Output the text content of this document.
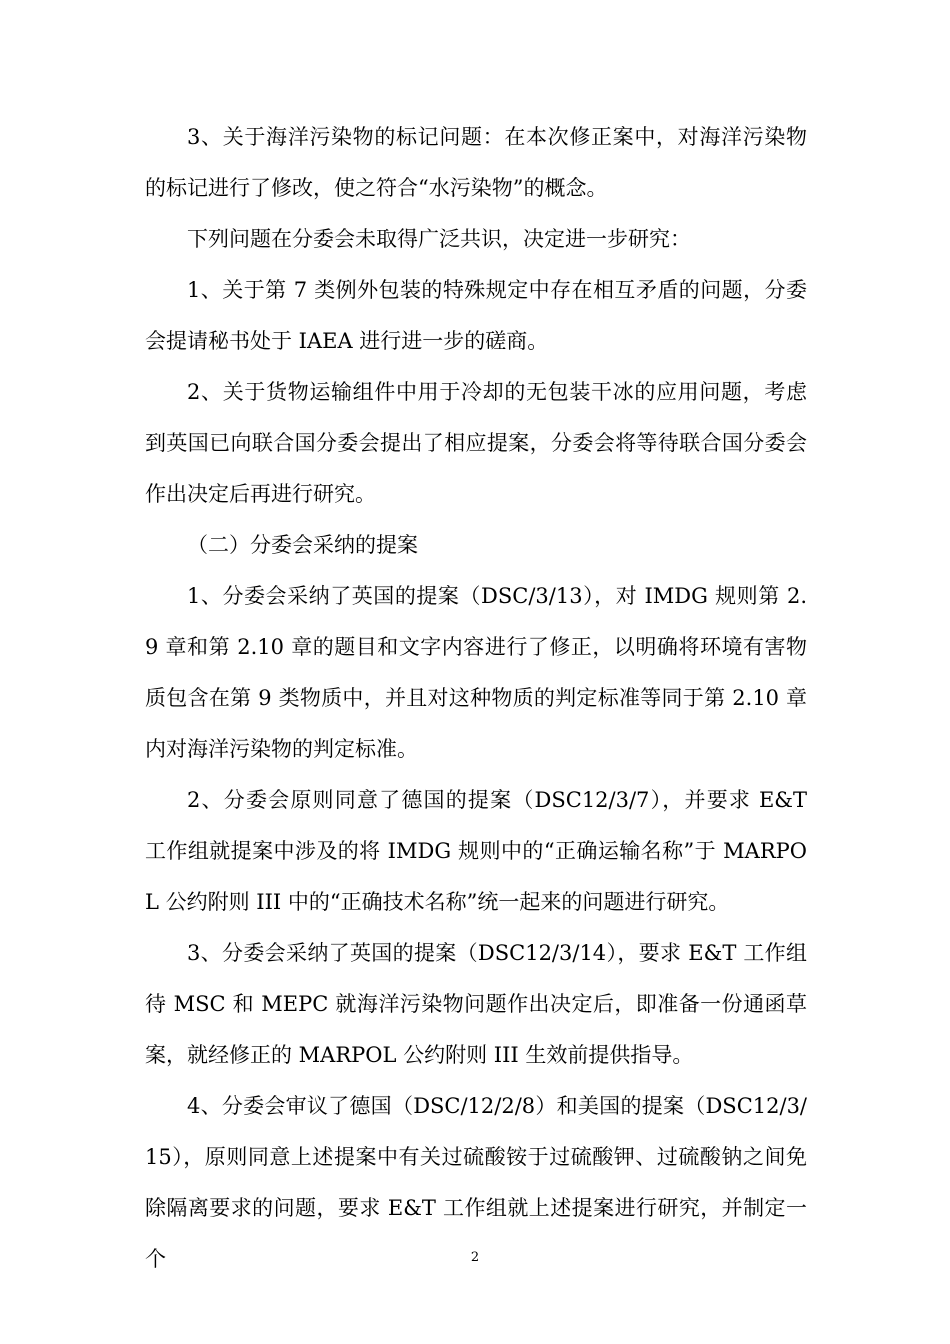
3、关于海洋污染物的标记问题：在本次修正案中，对海洋污染物的标记进行了修改，使之符合“水污染物”的概念。

下列问题在分委会未取得广泛共识，决定进一步研究：

1、关于第 7 类例外包装的特殊规定中存在相互矛盾的问题，分委会提请秘书处于 IAEA 进行进一步的磋商。

2、关于货物运输组件中用于冷却的无包装干冰的应用问题，考虑到英国已向联合国分委会提出了相应提案，分委会将等待联合国分委会作出决定后再进行研究。

（二）分委会采纳的提案

1、分委会采纳了英国的提案（DSC/3/13），对 IMDG 规则第 2.9 章和第 2.10 章的题目和文字内容进行了修正，以明确将环境有害物质包含在第 9 类物质中，并且对这种物质的判定标准等同于第 2.10 章内对海洋污染物的判定标准。

2、分委会原则同意了德国的提案（DSC12/3/7），并要求 E&T 工作组就提案中涉及的将 IMDG 规则中的“正确运输名称”于 MARPOL 公约附则 III 中的“正确技术名称”统一起来的问题进行研究。

3、分委会采纳了英国的提案（DSC12/3/14），要求 E&T 工作组待 MSC 和 MEPC 就海洋污染物问题作出决定后，即准备一份通函草案，就经修正的 MARPOL 公约附则 III 生效前提供指导。

4、分委会审议了德国（DSC/12/2/8）和美国的提案（DSC12/3/15），原则同意上述提案中有关过硫酸铵于过硫酸钾、过硫酸钠之间免除隔离要求的问题，要求 E&T 工作组就上述提案进行研究，并制定一个	2
